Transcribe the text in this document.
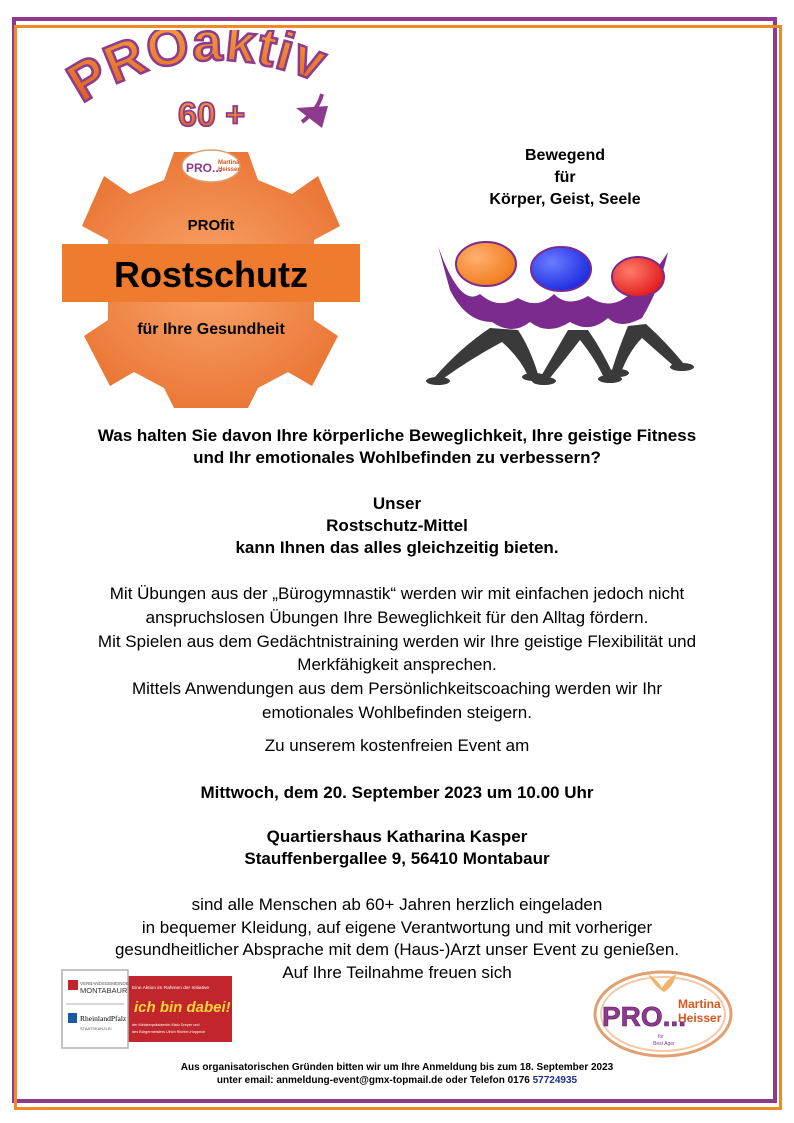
PROaktiv
60 +
PRO...
Martina
Heisser
PROfit
Rostschutz
für Ihre Gesundheit
Bewegend
für
Körper, Geist, Seele
Was halten Sie davon Ihre körperliche Beweglichkeit, Ihre geistige Fitness
und Ihr emotionales Wohlbefinden zu verbessern?
Unser
Rostschutz-Mittel
kann Ihnen das alles gleichzeitig bieten.
Mit Übungen aus der „Bürogymnastik“ werden wir mit einfachen jedoch nicht
anspruchslosen Übungen Ihre Beweglichkeit für den Alltag fördern.
Mit Spielen aus dem Gedächtnistraining werden wir Ihre geistige Flexibilität und
Merkfähigkeit ansprechen.
Mittels Anwendungen aus dem Persönlichkeitscoaching werden wir Ihr
emotionales Wohlbefinden steigern.
Zu unserem kostenfreien Event am
Mittwoch, dem 20. September 2023 um 10.00 Uhr
Quartiershaus Katharina Kasper
Stauffenbergallee 9, 56410 Montabaur
sind alle Menschen ab 60+ Jahren herzlich eingeladen
in bequemer Kleidung, auf eigene Verantwortung und mit vorheriger
gesundheitlicher Absprache mit dem (Haus-)Arzt unser Event zu genießen.
Auf Ihre Teilnahme freuen sich
VERBANDSGEMEINDE
MONTABAUR
RheinlandPfalz
STAATSKANZLEI
Eine Aktion im Rahmen der Initiative
ich bin dabei!
der Ministerpräsidentin Malu Dreyer und
des Bürgermeisters Ulrich Richter-Hopprich	PRO...
Martina
Heisser
for
Best Ager
Aus organisatorischen Gründen bitten wir um Ihre Anmeldung bis zum 18. September 2023
unter email: anmeldung-event@gmx-topmail.de oder Telefon 0176 57724935
